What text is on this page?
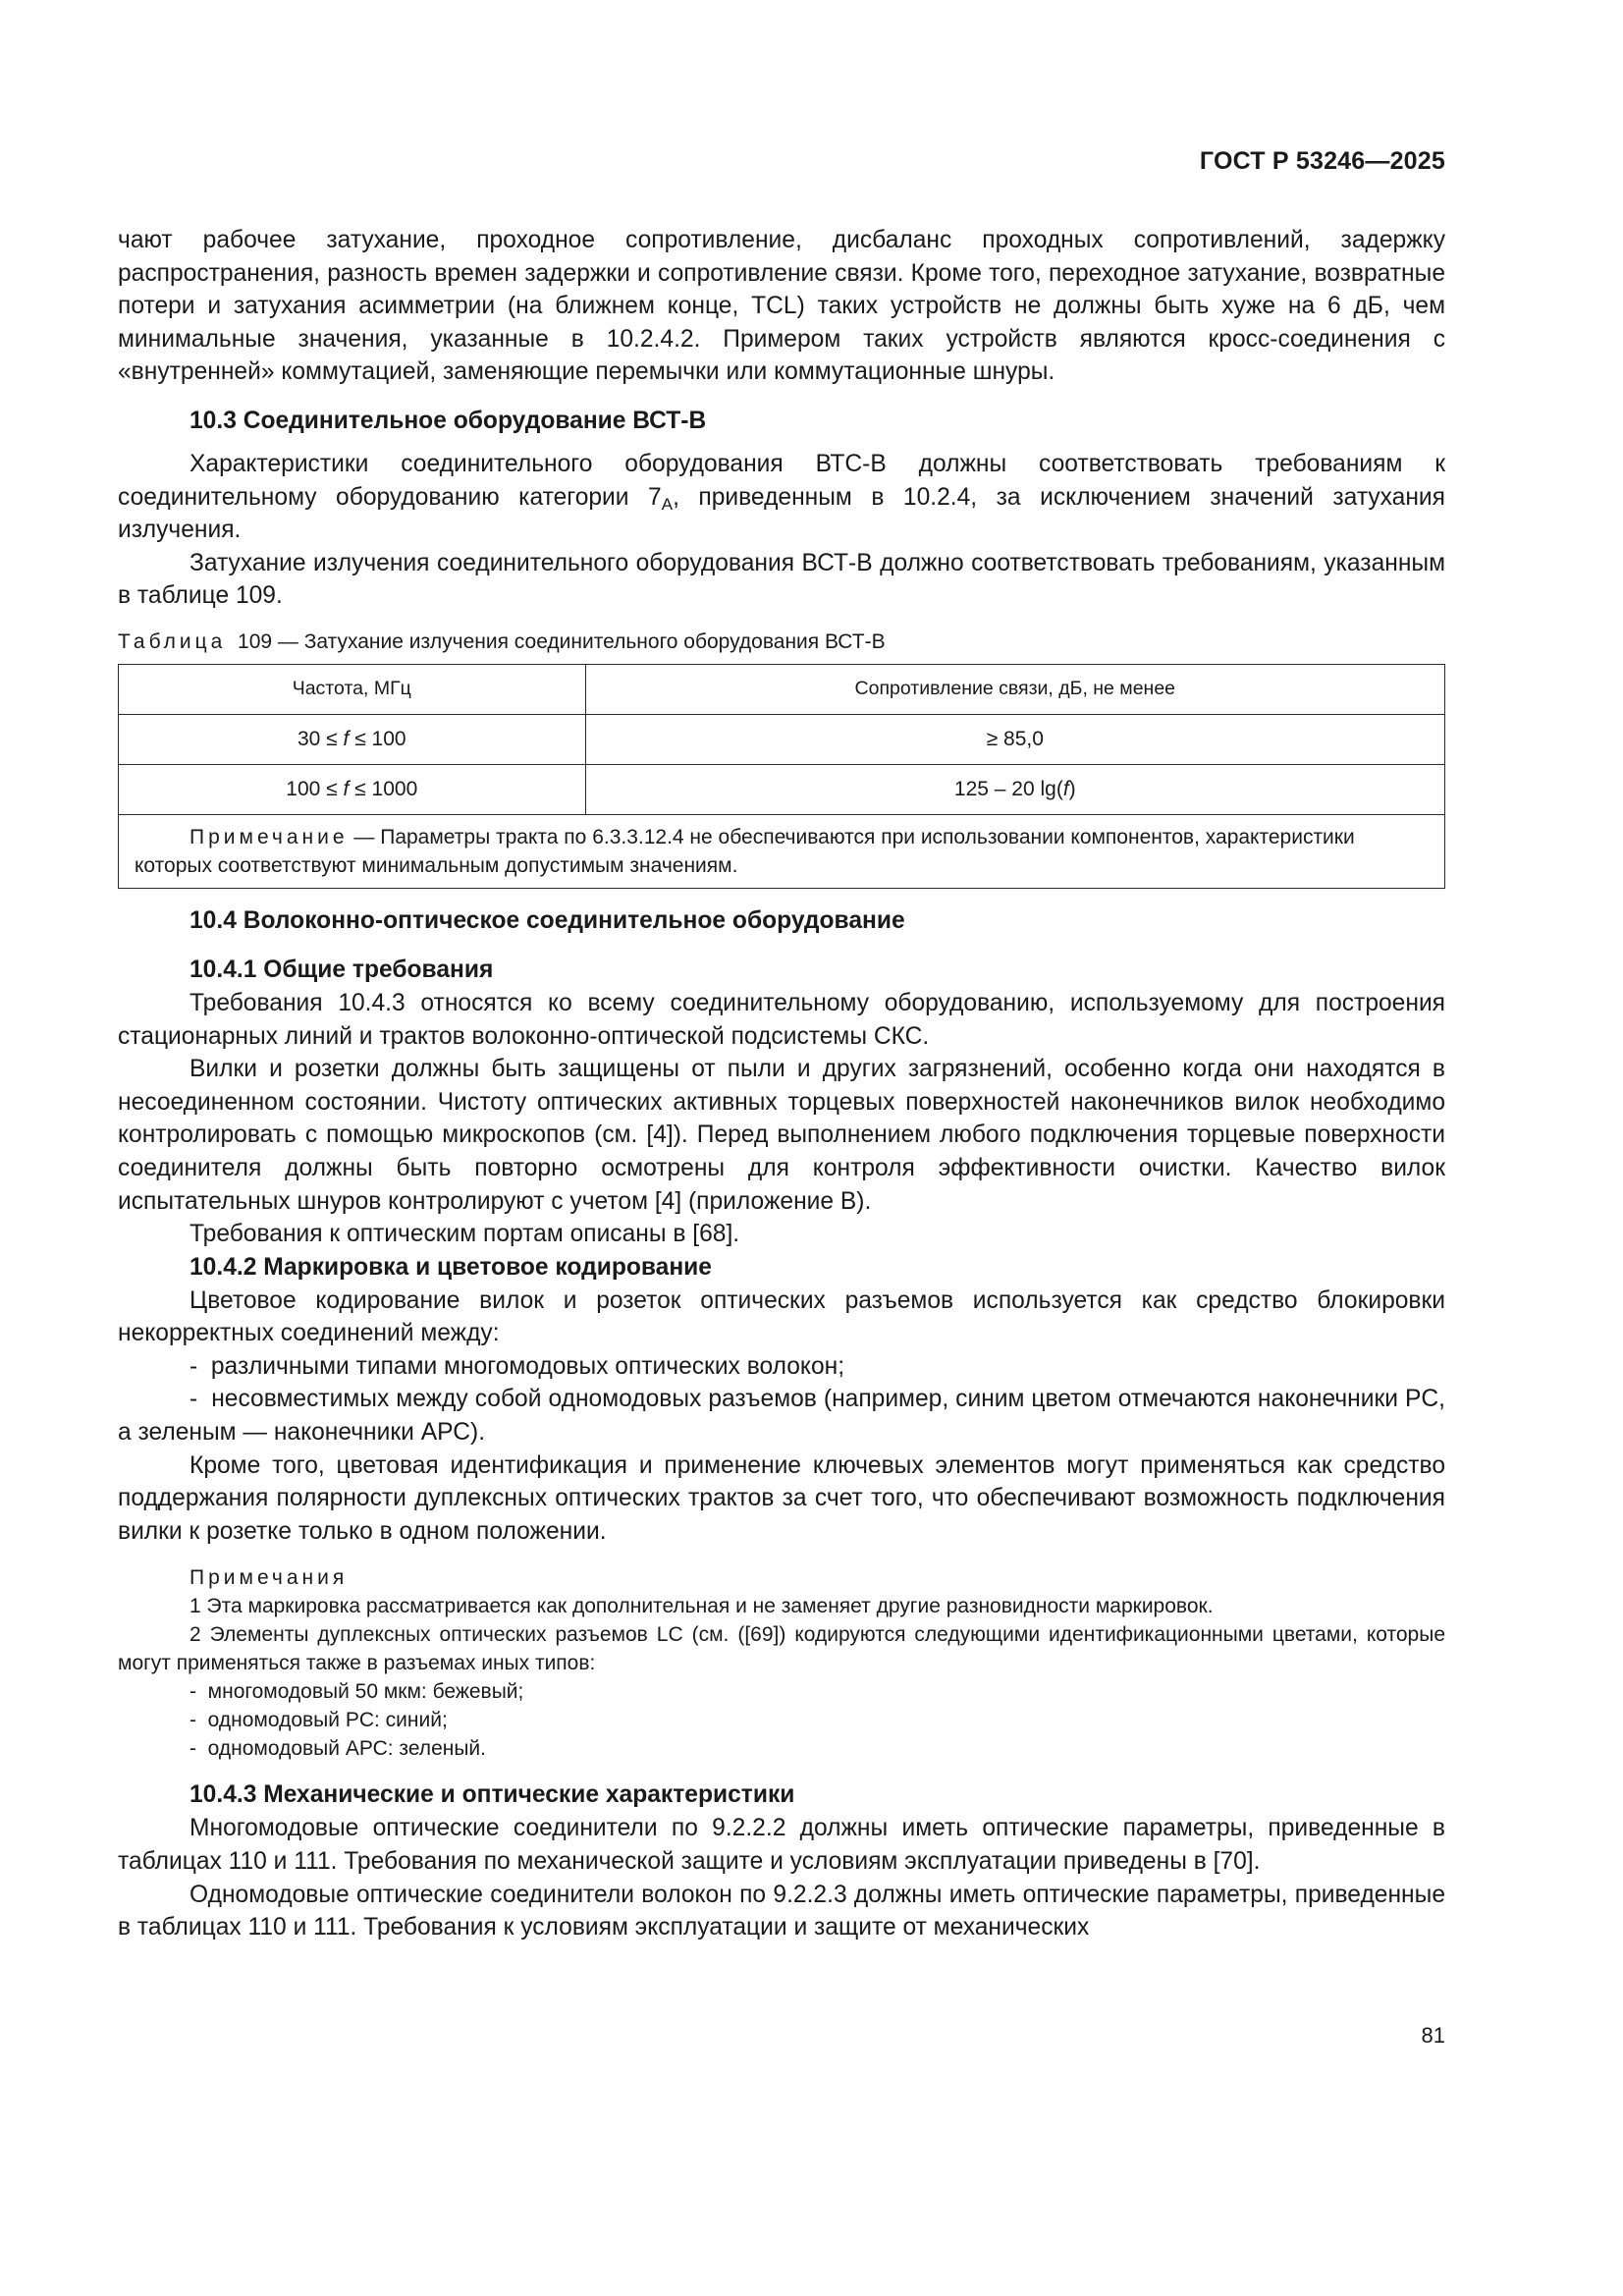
ГОСТ Р 53246—2025

чают рабочее затухание, проходное сопротивление, дисбаланс проходных сопротивлений, задержку распространения, разность времен задержки и сопротивление связи. Кроме того, переходное затухание, возвратные потери и затухания асимметрии (на ближнем конце, TCL) таких устройств не должны быть хуже на 6 дБ, чем минимальные значения, указанные в 10.2.4.2. Примером таких устройств являются кросс-соединения с «внутренней» коммутацией, заменяющие перемычки или коммутационные шнуры.

10.3 Соединительное оборудование ВСТ-В

Характеристики соединительного оборудования ВТС-В должны соответствовать требованиям к соединительному оборудованию категории $7_A$, приведенным в 10.2.4, за исключением значений затухания излучения.

Затухание излучения соединительного оборудования ВСТ-В должно соответствовать требованиям, указанным в таблице 109.

Таблица 109 — Затухание излучения соединительного оборудования ВСТ-В
Частота, МГц	Сопротивление связи, дБ, не менее
30 ≤ f ≤ 100	≥ 85,0
100 ≤ f ≤ 1000	125 – 20 lg(f)
Примечание — Параметры тракта по 6.3.3.12.4 не обеспечиваются при использовании компонентов, характеристики которых соответствуют минимальным допустимым значениям.	
10.4 Волоконно-оптическое соединительное оборудование
10.4.1 Общие требования

Требования 10.4.3 относятся ко всему соединительному оборудованию, используемому для построения стационарных линий и трактов волоконно-оптической подсистемы СКС.

Вилки и розетки должны быть защищены от пыли и других загрязнений, особенно когда они находятся в несоединенном состоянии. Чистоту оптических активных торцевых поверхностей наконечников вилок необходимо контролировать с помощью микроскопов (см. [4]). Перед выполнением любого подключения торцевые поверхности соединителя должны быть повторно осмотрены для контроля эффективности очистки. Качество вилок испытательных шнуров контролируют с учетом [4] (приложение В).

Требования к оптическим портам описаны в [68].

10.4.2 Маркировка и цветовое кодирование

Цветовое кодирование вилок и розеток оптических разъемов используется как средство блокировки некорректных соединений между:

-  различными типами многомодовых оптических волокон;

-  несовместимых между собой одномодовых разъемов (например, синим цветом отмечаются наконечники PC, а зеленым — наконечники АРС).

Кроме того, цветовая идентификация и применение ключевых элементов могут применяться как средство поддержания полярности дуплексных оптических трактов за счет того, что обеспечивают возможность подключения вилки к розетке только в одном положении.

Примечания
1 Эта маркировка рассматривается как дополнительная и не заменяет другие разновидности маркировок.
2 Элементы дуплексных оптических разъемов LC (см. ([69]) кодируются следующими идентификационными цветами, которые могут применяться также в разъемах иных типов:
-  многомодовый 50 мкм: бежевый;
-  одномодовый PC: синий;
-  одномодовый АРС: зеленый.
10.4.3 Механические и оптические характеристики

Многомодовые оптические соединители по 9.2.2.2 должны иметь оптические параметры, приведенные в таблицах 110 и 111. Требования по механической защите и условиям эксплуатации приведены в [70].

Одномодовые оптические соединители волокон по 9.2.2.3 должны иметь оптические параметры, приведенные в таблицах 110 и 111. Требования к условиям эксплуатации и защите от механических

81
